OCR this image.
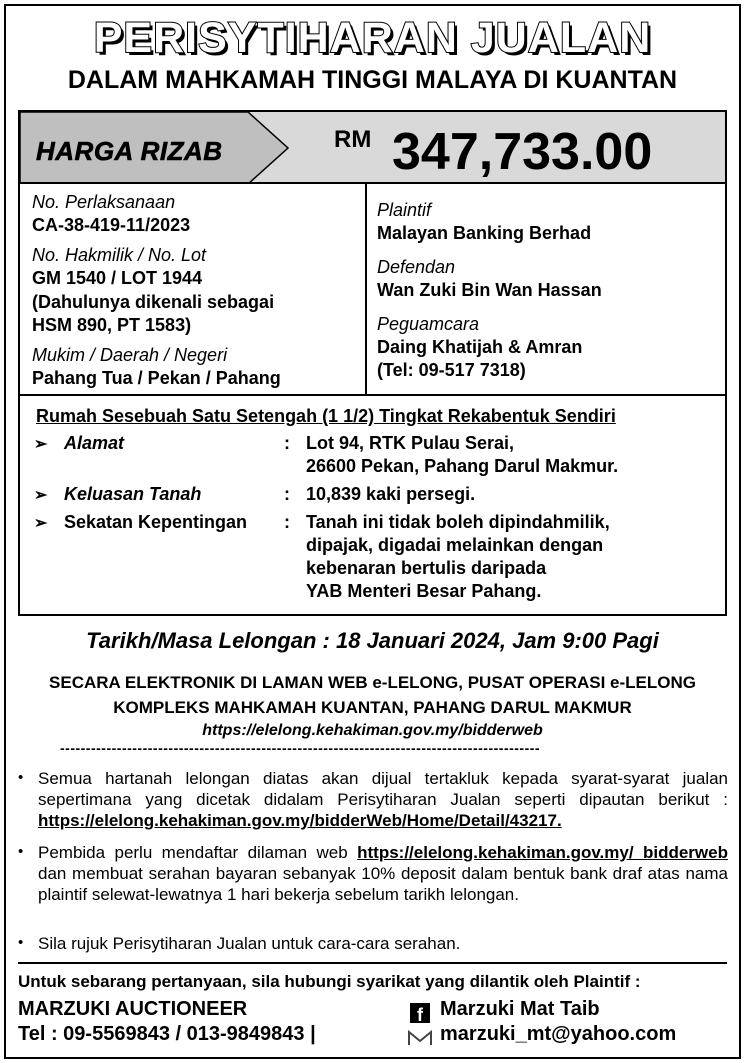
PERISYTIHARAN JUALAN
DALAM MAHKAMAH TINGGI MALAYA DI KUANTAN
HARGA RIZAB	RM 347,733.00
No. Perlaksanaan
CA-38-419-11/2023
No. Hakmilik / No. Lot
GM 1540 / LOT 1944
(Dahulunya dikenali sebagai
HSM 890, PT 1583)
Mukim / Daerah / Negeri
Pahang Tua / Pekan / Pahang
Plaintif
Malayan Banking Berhad
Defendan
Wan Zuki Bin Wan Hassan
Peguamcara
Daing Khatijah & Amran
(Tel: 09-517 7318)
Rumah Sesebuah Satu Setengah (1 1/2) Tingkat Rekabentuk Sendiri
➢ Alamat	: Lot 94, RTK Pulau Serai,
26600 Pekan, Pahang Darul Makmur.
➢ Keluasan Tanah	: 10,839 kaki persegi.
➢ Sekatan Kepentingan : Tanah ini tidak boleh dipindahmilik,
dipajak, digadai melainkan dengan
kebenaran bertulis daripada
YAB Menteri Besar Pahang.
Tarikh/Masa Lelongan : 18 Januari 2024, Jam 9:00 Pagi
SECARA ELEKTRONIK DI LAMAN WEB e-LELONG, PUSAT OPERASI e-LELONG
KOMPLEKS MAHKAMAH KUANTAN, PAHANG DARUL MAKMUR
https://elelong.kehakiman.gov.my/bidderweb
---------------------------------------------------------------------------------------------
• Semua hartanah lelongan diatas akan dijual tertakluk kepada syarat-syarat jualan sepertimana yang dicetak didalam Perisytiharan Jualan seperti dipautan berikut : https://elelong.kehakiman.gov.my/bidderWeb/Home/Detail/43217.
• Pembida perlu mendaftar dilaman web https://elelong.kehakiman.gov.my/ bidderweb dan membuat serahan bayaran sebanyak 10% deposit dalam bentuk bank draf atas nama plaintif selewat-lewatnya 1 hari bekerja sebelum tarikh lelongan.
• Sila rujuk Perisytiharan Jualan untuk cara-cara serahan.
Untuk sebarang pertanyaan, sila hubungi syarikat yang dilantik oleh Plaintif :
MARZUKI AUCTIONEER
Tel : 09-5569843 / 013-9849843 |
f Marzuki Mat Taib
marzuki_mt@yahoo.com
